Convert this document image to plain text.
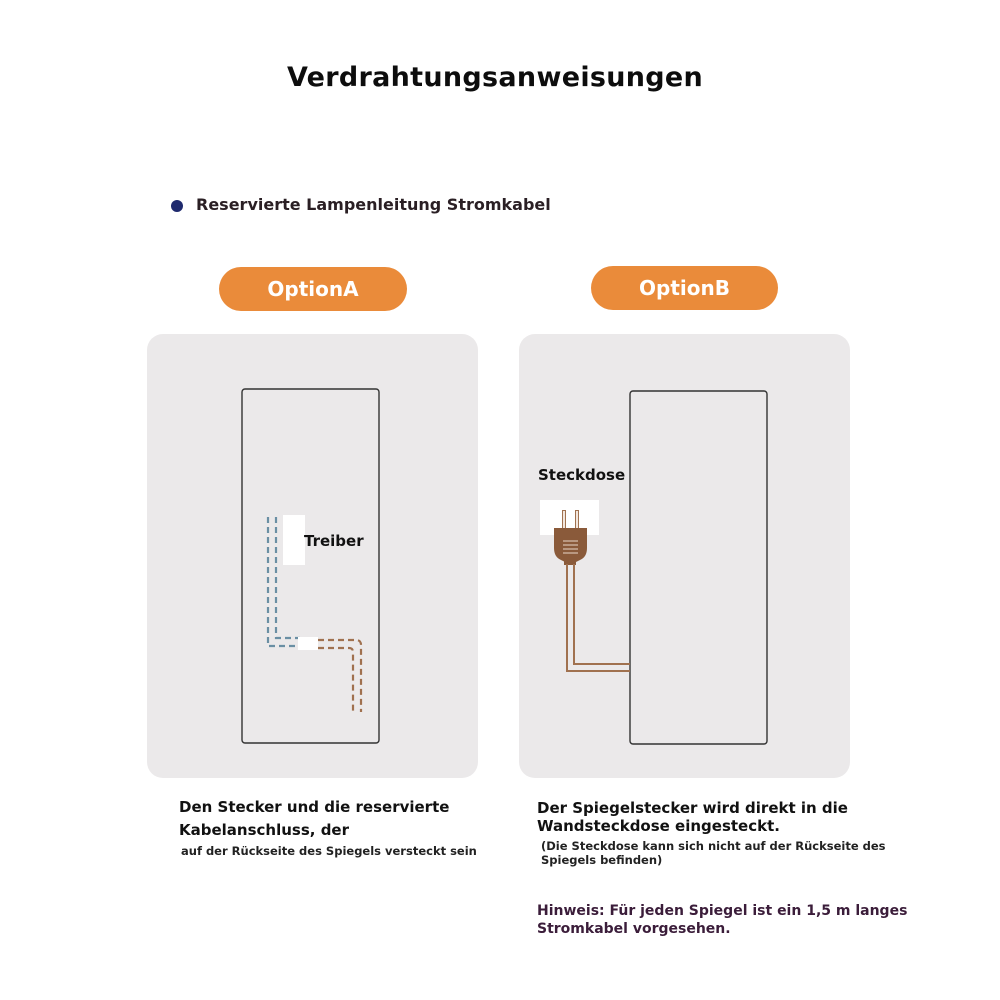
Verdrahtungsanweisungen
Reservierte Lampenleitung Stromkabel
OptionA	OptionB
Treiber
Steckdose
Den Stecker und die reservierte
Kabelanschluss, der
auf der Rückseite des Spiegels versteckt sein
Der Spiegelstecker wird direkt in die
Wandsteckdose eingesteckt.
(Die Steckdose kann sich nicht auf der Rückseite des
Spiegels befinden)
Hinweis: Für jeden Spiegel ist ein 1,5 m langes
Stromkabel vorgesehen.
